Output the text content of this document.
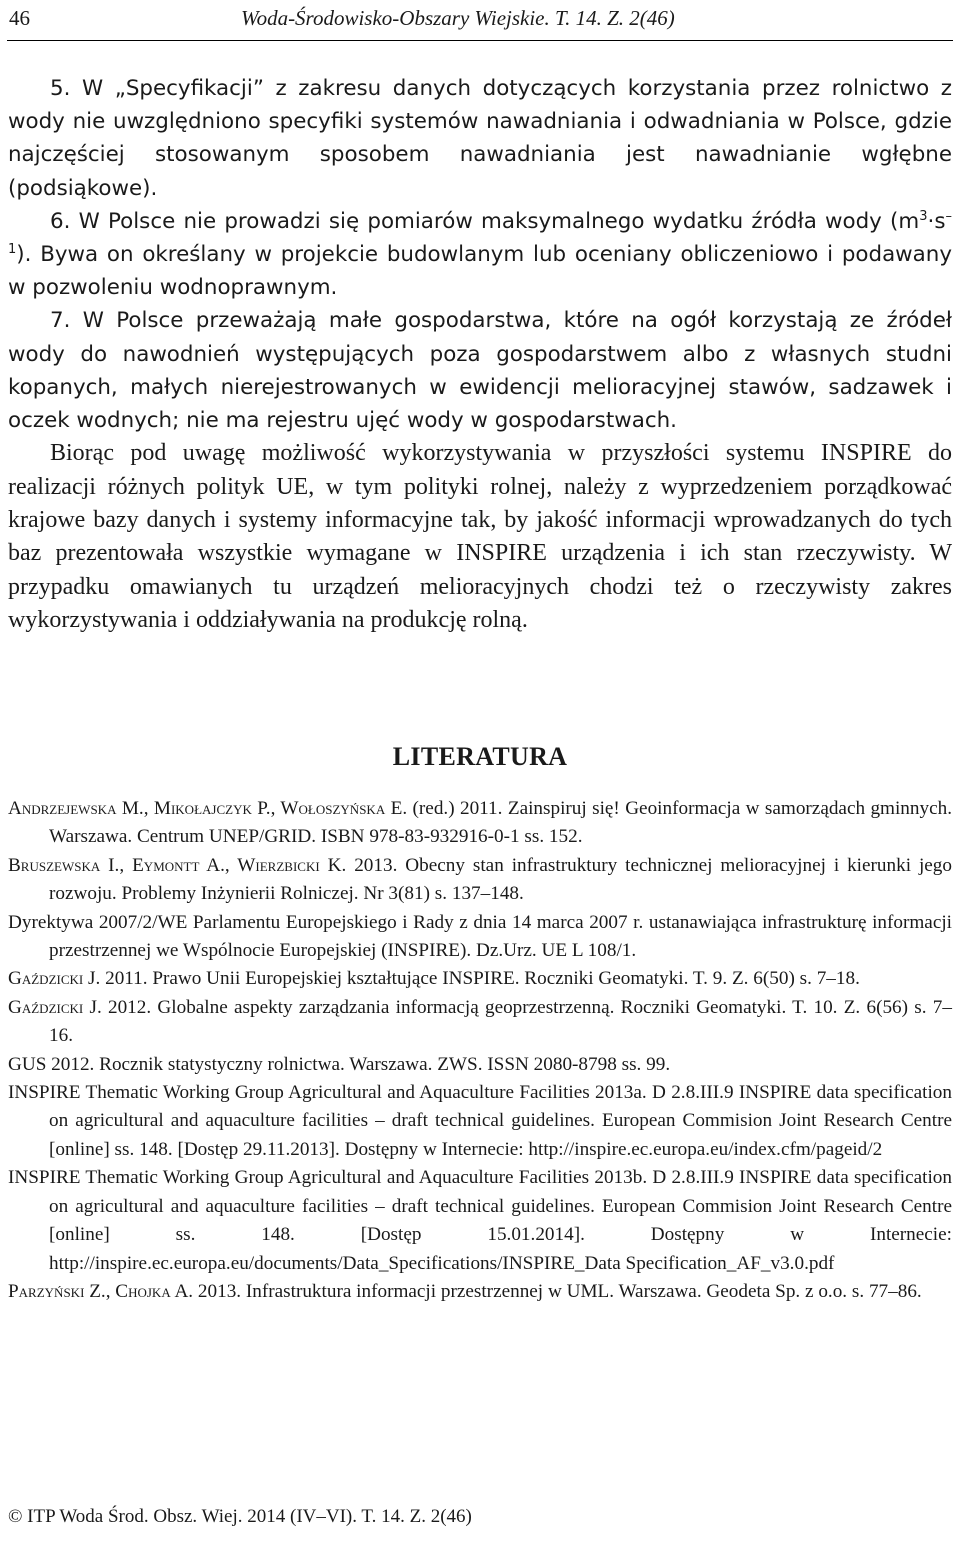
46	Woda-Środowisko-Obszary Wiejskie. T. 14. Z. 2(46)

5. W „Specyfikacji” z zakresu danych dotyczących korzystania przez rolnictwo z wody nie uwzględniono specyfiki systemów nawadniania i odwadniania w Polsce, gdzie najczęściej stosowanym sposobem nawadniania jest nawadnianie wgłębne (podsiąkowe).

6. W Polsce nie prowadzi się pomiarów maksymalnego wydatku źródła wody $(m^3\cdot s^{-1})$. Bywa on określany w projekcie budowlanym lub oceniany obliczeniowo i podawany w pozwoleniu wodnoprawnym.

7. W Polsce przeważają małe gospodarstwa, które na ogół korzystają ze źródeł wody do nawodnień występujących poza gospodarstwem albo z własnych studni kopanych, małych nierejestrowanych w ewidencji melioracyjnej stawów, sadzawek i oczek wodnych; nie ma rejestru ujęć wody w gospodarstwach.

Biorąc pod uwagę możliwość wykorzystywania w przyszłości systemu INSPIRE do realizacji różnych polityk UE, w tym polityki rolnej, należy z wyprzedzeniem porządkować krajowe bazy danych i systemy informacyjne tak, by jakość informacji wprowadzanych do tych baz prezentowała wszystkie wymagane w INSPIRE urządzenia i ich stan rzeczywisty. W przypadku omawianych tu urządzeń melioracyjnych chodzi też o rzeczywisty zakres wykorzystywania i oddziaływania na produkcję rolną.

LITERATURA

Andrzejewska M., Mikołajczyk P., Wołoszyńska E. (red.) 2011. Zainspiruj się! Geoinformacja w samorządach gminnych. Warszawa. Centrum UNEP/GRID. ISBN 978-83-932916-0-1 ss. 152.

Bruszewska I., Eymontt A., Wierzbicki K. 2013. Obecny stan infrastruktury technicznej melioracyjnej i kierunki jego rozwoju. Problemy Inżynierii Rolniczej. Nr 3(81) s. 137–148.

Dyrektywa 2007/2/WE Parlamentu Europejskiego i Rady z dnia 14 marca 2007 r. ustanawiająca infrastrukturę informacji przestrzennej we Wspólnocie Europejskiej (INSPIRE). Dz.Urz. UE L 108/1.

Gaździcki J. 2011. Prawo Unii Europejskiej kształtujące INSPIRE. Roczniki Geomatyki. T. 9. Z. 6(50) s. 7–18.

Gaździcki J. 2012. Globalne aspekty zarządzania informacją geoprzestrzenną. Roczniki Geomatyki. T. 10. Z. 6(56) s. 7–16.

GUS 2012. Rocznik statystyczny rolnictwa. Warszawa. ZWS. ISSN 2080-8798 ss. 99.

INSPIRE Thematic Working Group Agricultural and Aquaculture Facilities 2013a. D 2.8.III.9 INSPIRE data specification on agricultural and aquaculture facilities – draft technical guidelines. European Commision Joint Research Centre [online] ss. 148. [Dostęp 29.11.2013]. Dostępny w Internecie: http://inspire.ec.europa.eu/index.cfm/pageid/2

INSPIRE Thematic Working Group Agricultural and Aquaculture Facilities 2013b. D 2.8.III.9 INSPIRE data specification on agricultural and aquaculture facilities – draft technical guidelines. European Commision Joint Research Centre [online] ss. 148. [Dostęp 15.01.2014]. Dostępny w Internecie: http://inspire.ec.europa.eu/documents/Data_Specifications/INSPIRE_Data Specification_AF_v3.0.pdf

Parzyński Z., Chojka A. 2013. Infrastruktura informacji przestrzennej w UML. Warszawa. Geodeta Sp. z o.o. s. 77–86.

© ITP Woda Środ. Obsz. Wiej. 2014 (IV–VI). T. 14. Z. 2(46)
